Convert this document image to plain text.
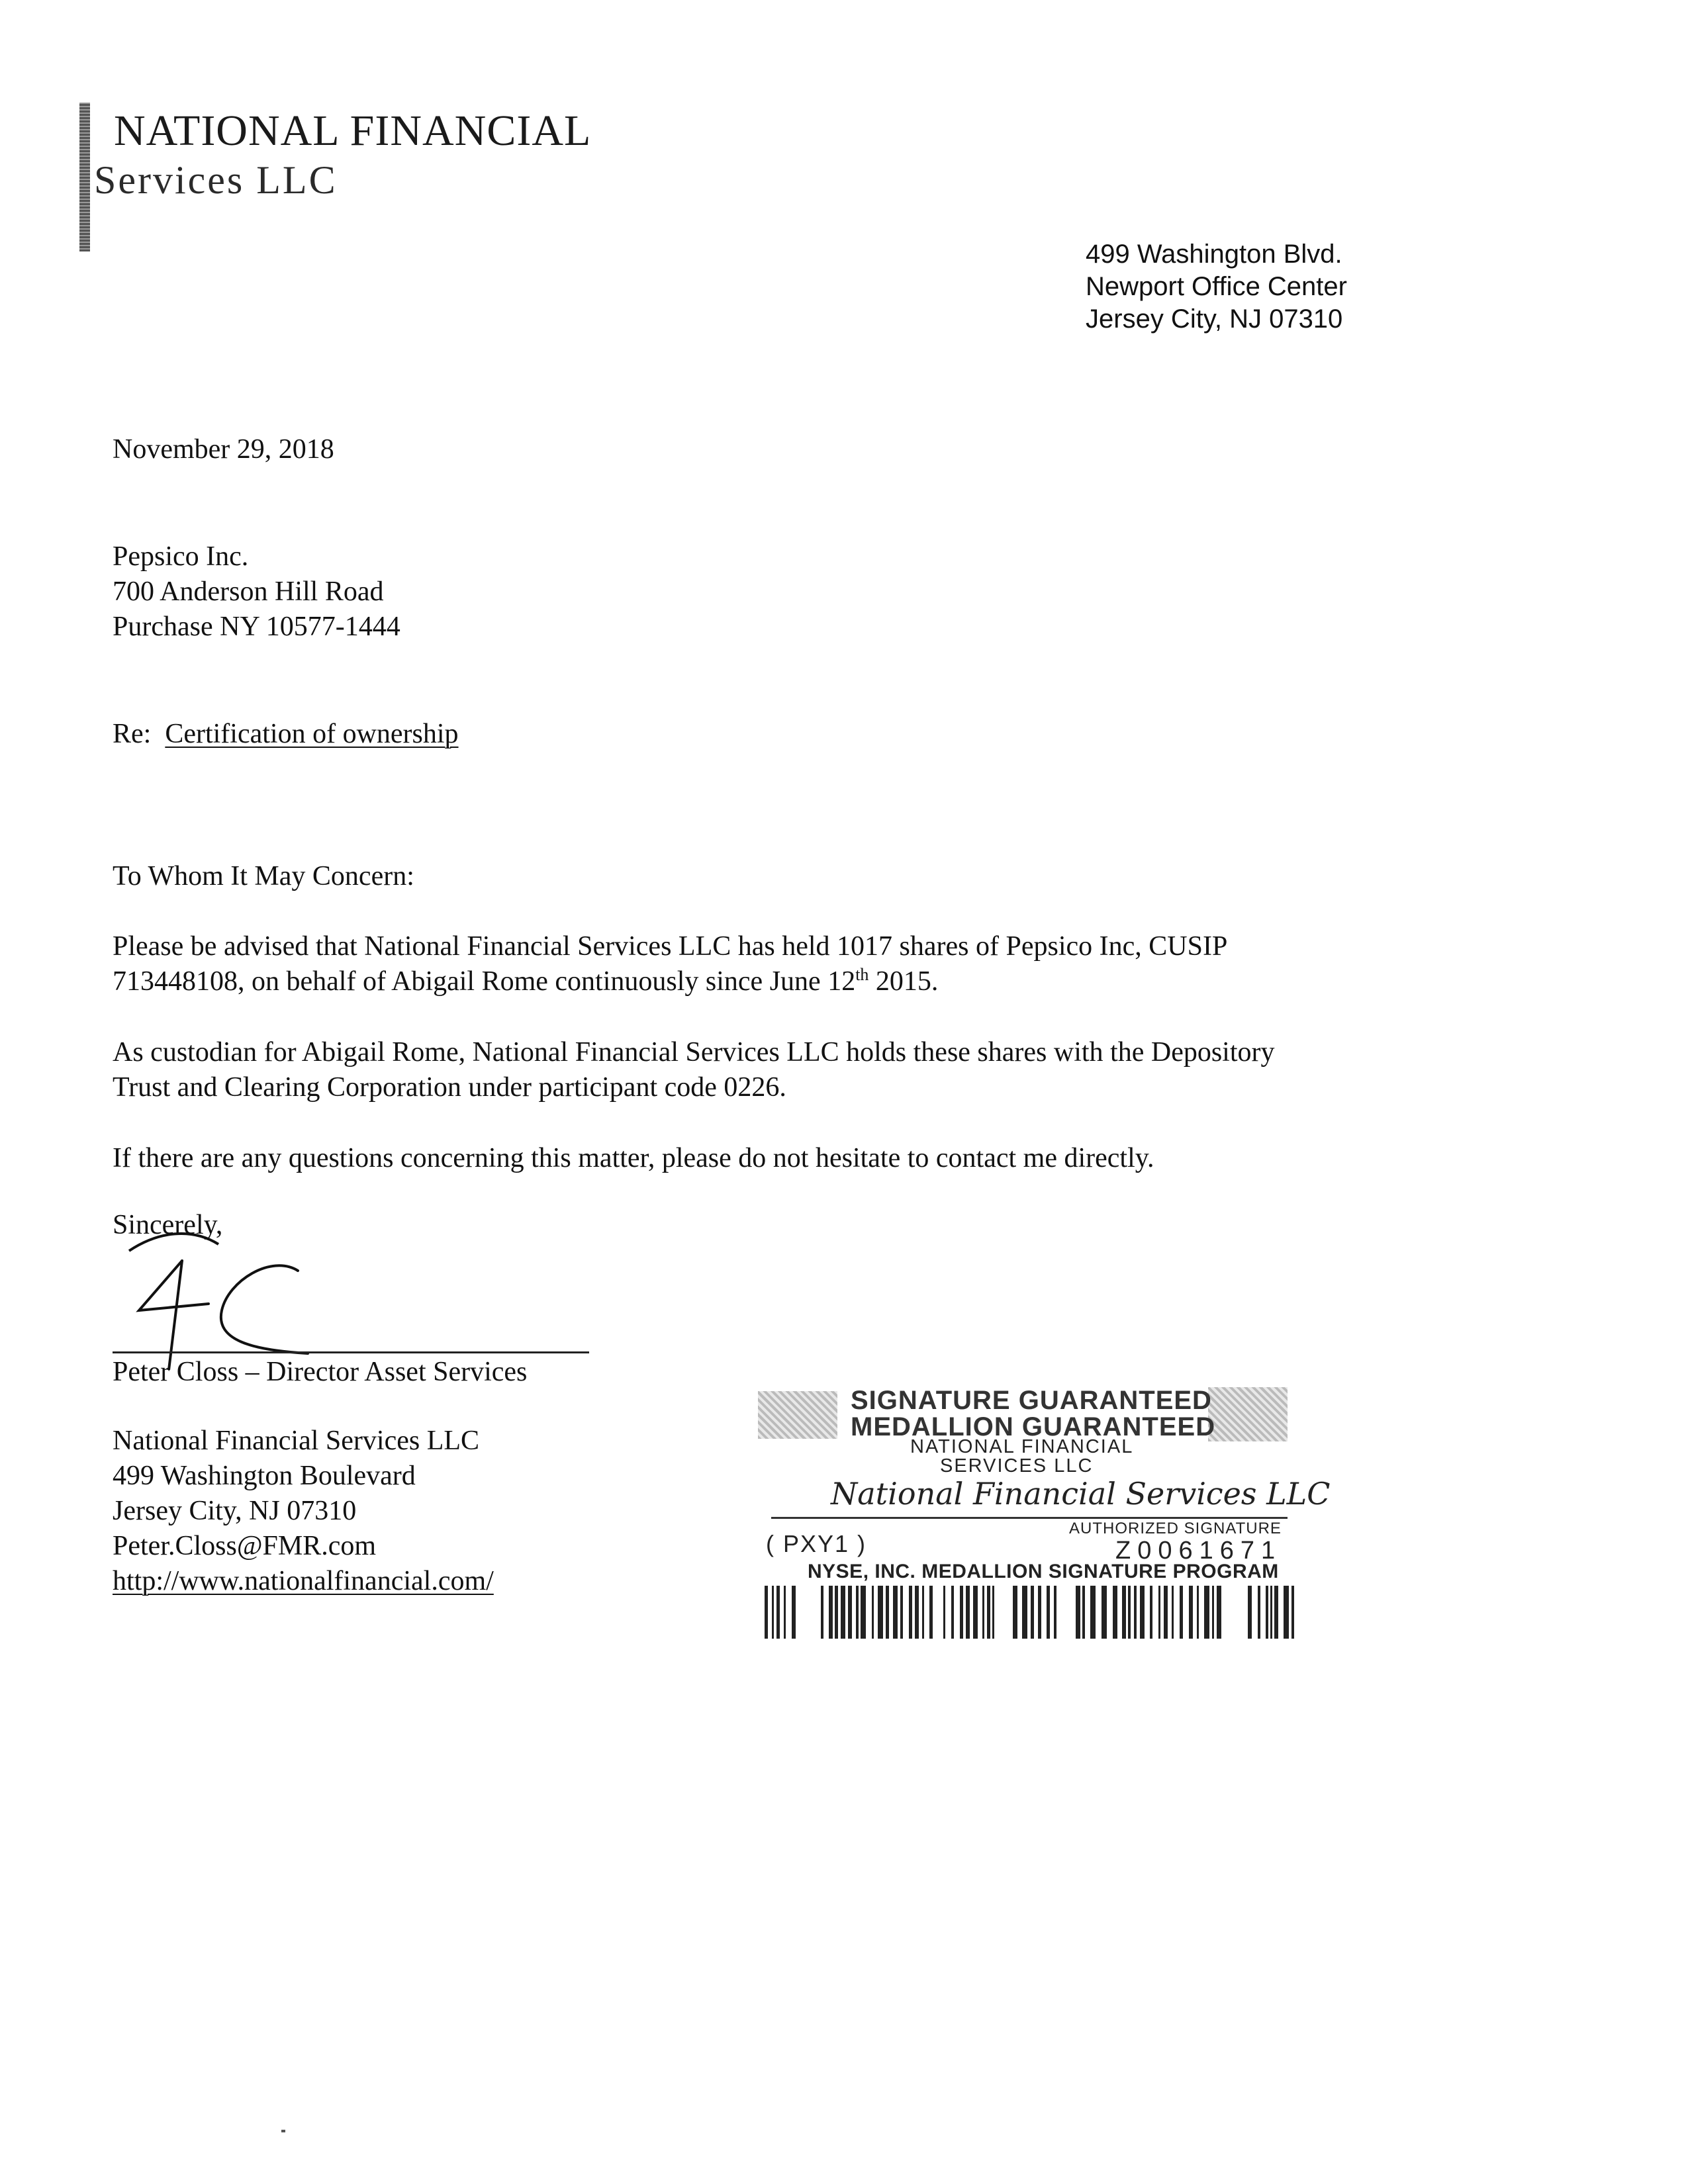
NATIONAL FINANCIAL
Services LLC
499 Washington Blvd.
Newport Office Center
Jersey City, NJ 07310
November 29, 2018
Pepsico Inc.
700 Anderson Hill Road
Purchase NY 10577-1444
Re: Certification of ownership
To Whom It May Concern:
Please be advised that National Financial Services LLC has held 1017 shares of Pepsico Inc, CUSIP
713448108, on behalf of Abigail Rome continuously since June 12th 2015.
As custodian for Abigail Rome, National Financial Services LLC holds these shares with the Depository
Trust and Clearing Corporation under participant code 0226.
If there are any questions concerning this matter, please do not hesitate to contact me directly.
Sincerely,
Peter Closs – Director Asset Services
National Financial Services LLC
499 Washington Boulevard
Jersey City, NJ 07310
Peter.Closs@FMR.com
http://www.nationalfinancial.com/
SIGNATURE GUARANTEED
MEDALLION GUARANTEED
NATIONAL FINANCIAL
SERVICES LLC
National Financial Services LLC
AUTHORIZED SIGNATURE
( PXY1 )	Z0061671
NYSE, INC. MEDALLION SIGNATURE PROGRAM
